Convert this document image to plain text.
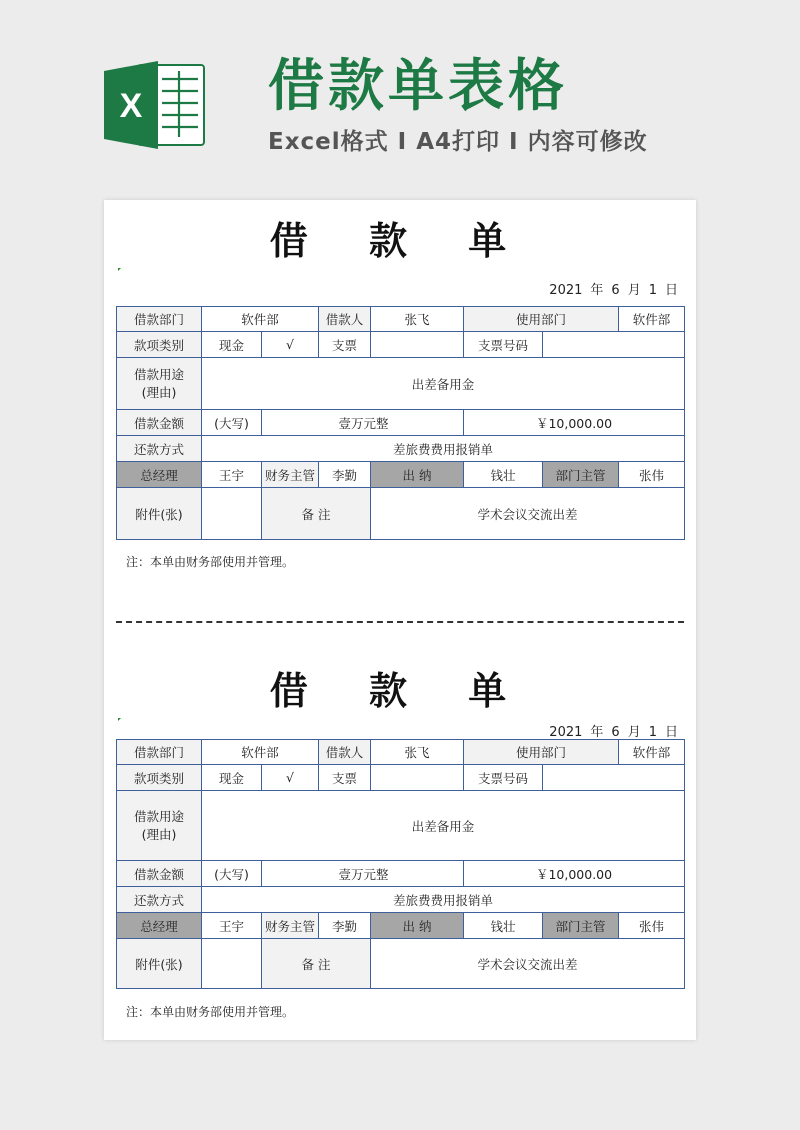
X 借款单表格
Excel格式 I A4打印 I 内容可修改
借 款 单
2021 年 6 月 1 日
借款部门	软件部		借款人	张飞	使用部门		软件部
款项类别	现金	√	支票		支票号码		
借款用途
(理由)	出差备用金						
借款金额	(大写)	壹万元整			￥10,000.00		
还款方式	差旅费费用报销单						
总经理	王宇	财务主管	李勤	出 纳	钱壮	部门主管	张伟
附件(张)		备 注		学术会议交流出差			
注：本单由财务部使用并管理。
借 款 单
2021 年 6 月 1 日
借款部门	软件部		借款人	张飞	使用部门		软件部
款项类别	现金	√	支票		支票号码		
借款用途
(理由)	出差备用金						
借款金额	(大写)	壹万元整			￥10,000.00		
还款方式	差旅费费用报销单						
总经理	王宇	财务主管	李勤	出 纳	钱壮	部门主管	张伟
附件(张)		备 注		学术会议交流出差			
注：本单由财务部使用并管理。
